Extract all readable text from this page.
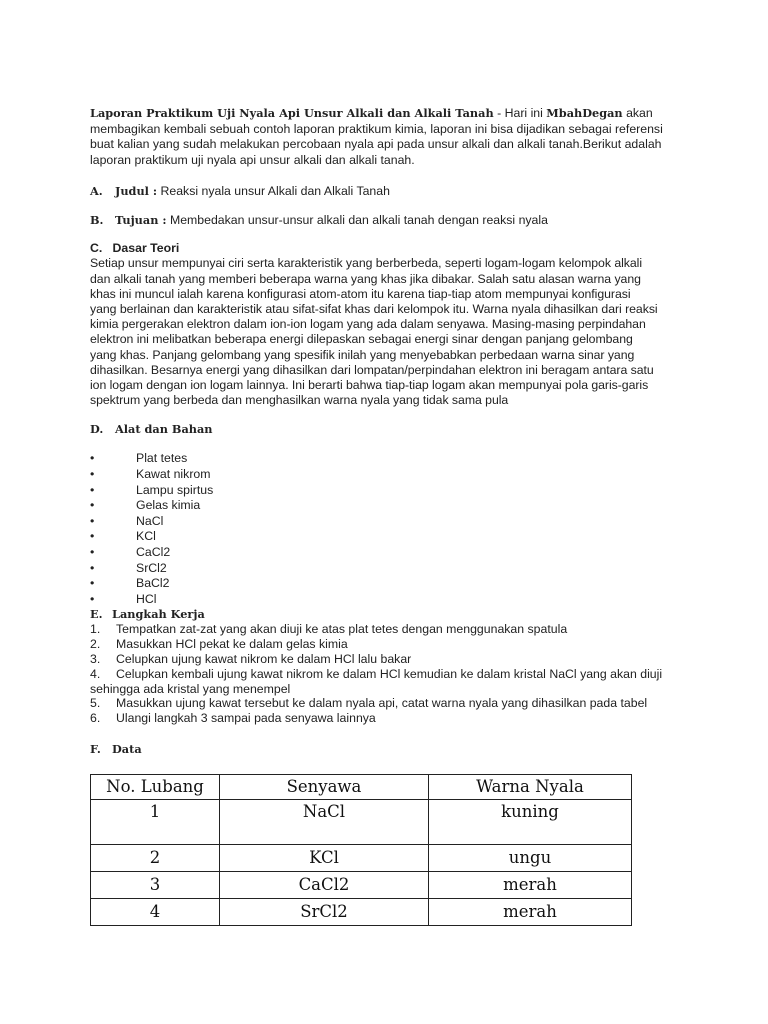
Laporan Praktikum Uji Nyala Api Unsur Alkali dan Alkali Tanah - Hari ini MbahDegan akan membagikan kembali sebuah contoh laporan praktikum kimia, laporan ini bisa dijadikan sebagai referensi buat kalian yang sudah melakukan percobaan nyala api pada unsur alkali dan alkali tanah.Berikut adalah laporan praktikum uji nyala api unsur alkali dan alkali tanah.

A. Judul : Reaksi nyala unsur Alkali dan Alkali Tanah

B. Tujuan : Membedakan unsur-unsur alkali dan alkali tanah dengan reaksi nyala

C.   Dasar Teori

Setiap unsur mempunyai ciri serta karakteristik yang berberbeda, seperti logam-logam kelompok alkali
dan alkali tanah yang memberi beberapa warna yang khas jika dibakar. Salah satu alasan warna yang
khas ini muncul ialah karena konfigurasi atom-atom itu karena tiap-tiap atom mempunyai konfigurasi
yang berlainan dan karakteristik atau sifat-sifat khas dari kelompok itu. Warna nyala dihasilkan dari reaksi
kimia pergerakan elektron dalam ion-ion logam yang ada dalam senyawa. Masing-masing perpindahan
elektron ini melibatkan beberapa energi dilepaskan sebagai energi sinar dengan panjang gelombang
yang khas. Panjang gelombang yang spesifik inilah yang menyebabkan perbedaan warna sinar yang
dihasilkan. Besarnya energi yang dihasilkan dari lompatan/perpindahan elektron ini beragam antara satu
ion logam dengan ion logam lainnya. Ini berarti bahwa tiap-tiap logam akan mempunyai pola garis-garis
spektrum yang berbeda dan menghasilkan warna nyala yang tidak sama pula

D. Alat dan Bahan

•	Plat tetes
•	Kawat nikrom
•	Lampu spirtus
•	Gelas kimia
•	NaCl
•	KCl
•	CaCl2
•	SrCl2
•	BaCl2
•	HCl

E. Langkah Kerja

1. Tempatkan zat-zat yang akan diuji ke atas plat tetes dengan menggunakan spatula
2. Masukkan HCl pekat ke dalam gelas kimia
3. Celupkan ujung kawat nikrom ke dalam HCl lalu bakar
4. Celupkan kembali ujung kawat nikrom ke dalam HCl kemudian ke dalam kristal NaCl yang akan diuji
sehingga ada kristal yang menempel
5. Masukkan ujung kawat tersebut ke dalam nyala api, catat warna nyala yang dihasilkan pada tabel
6. Ulangi langkah 3 sampai pada senyawa lainnya

F. Data

No. Lubang	Senyawa	Warna Nyala
1	NaCl	kuning
2	KCl	ungu
3	CaCl2	merah
4	SrCl2	merah
